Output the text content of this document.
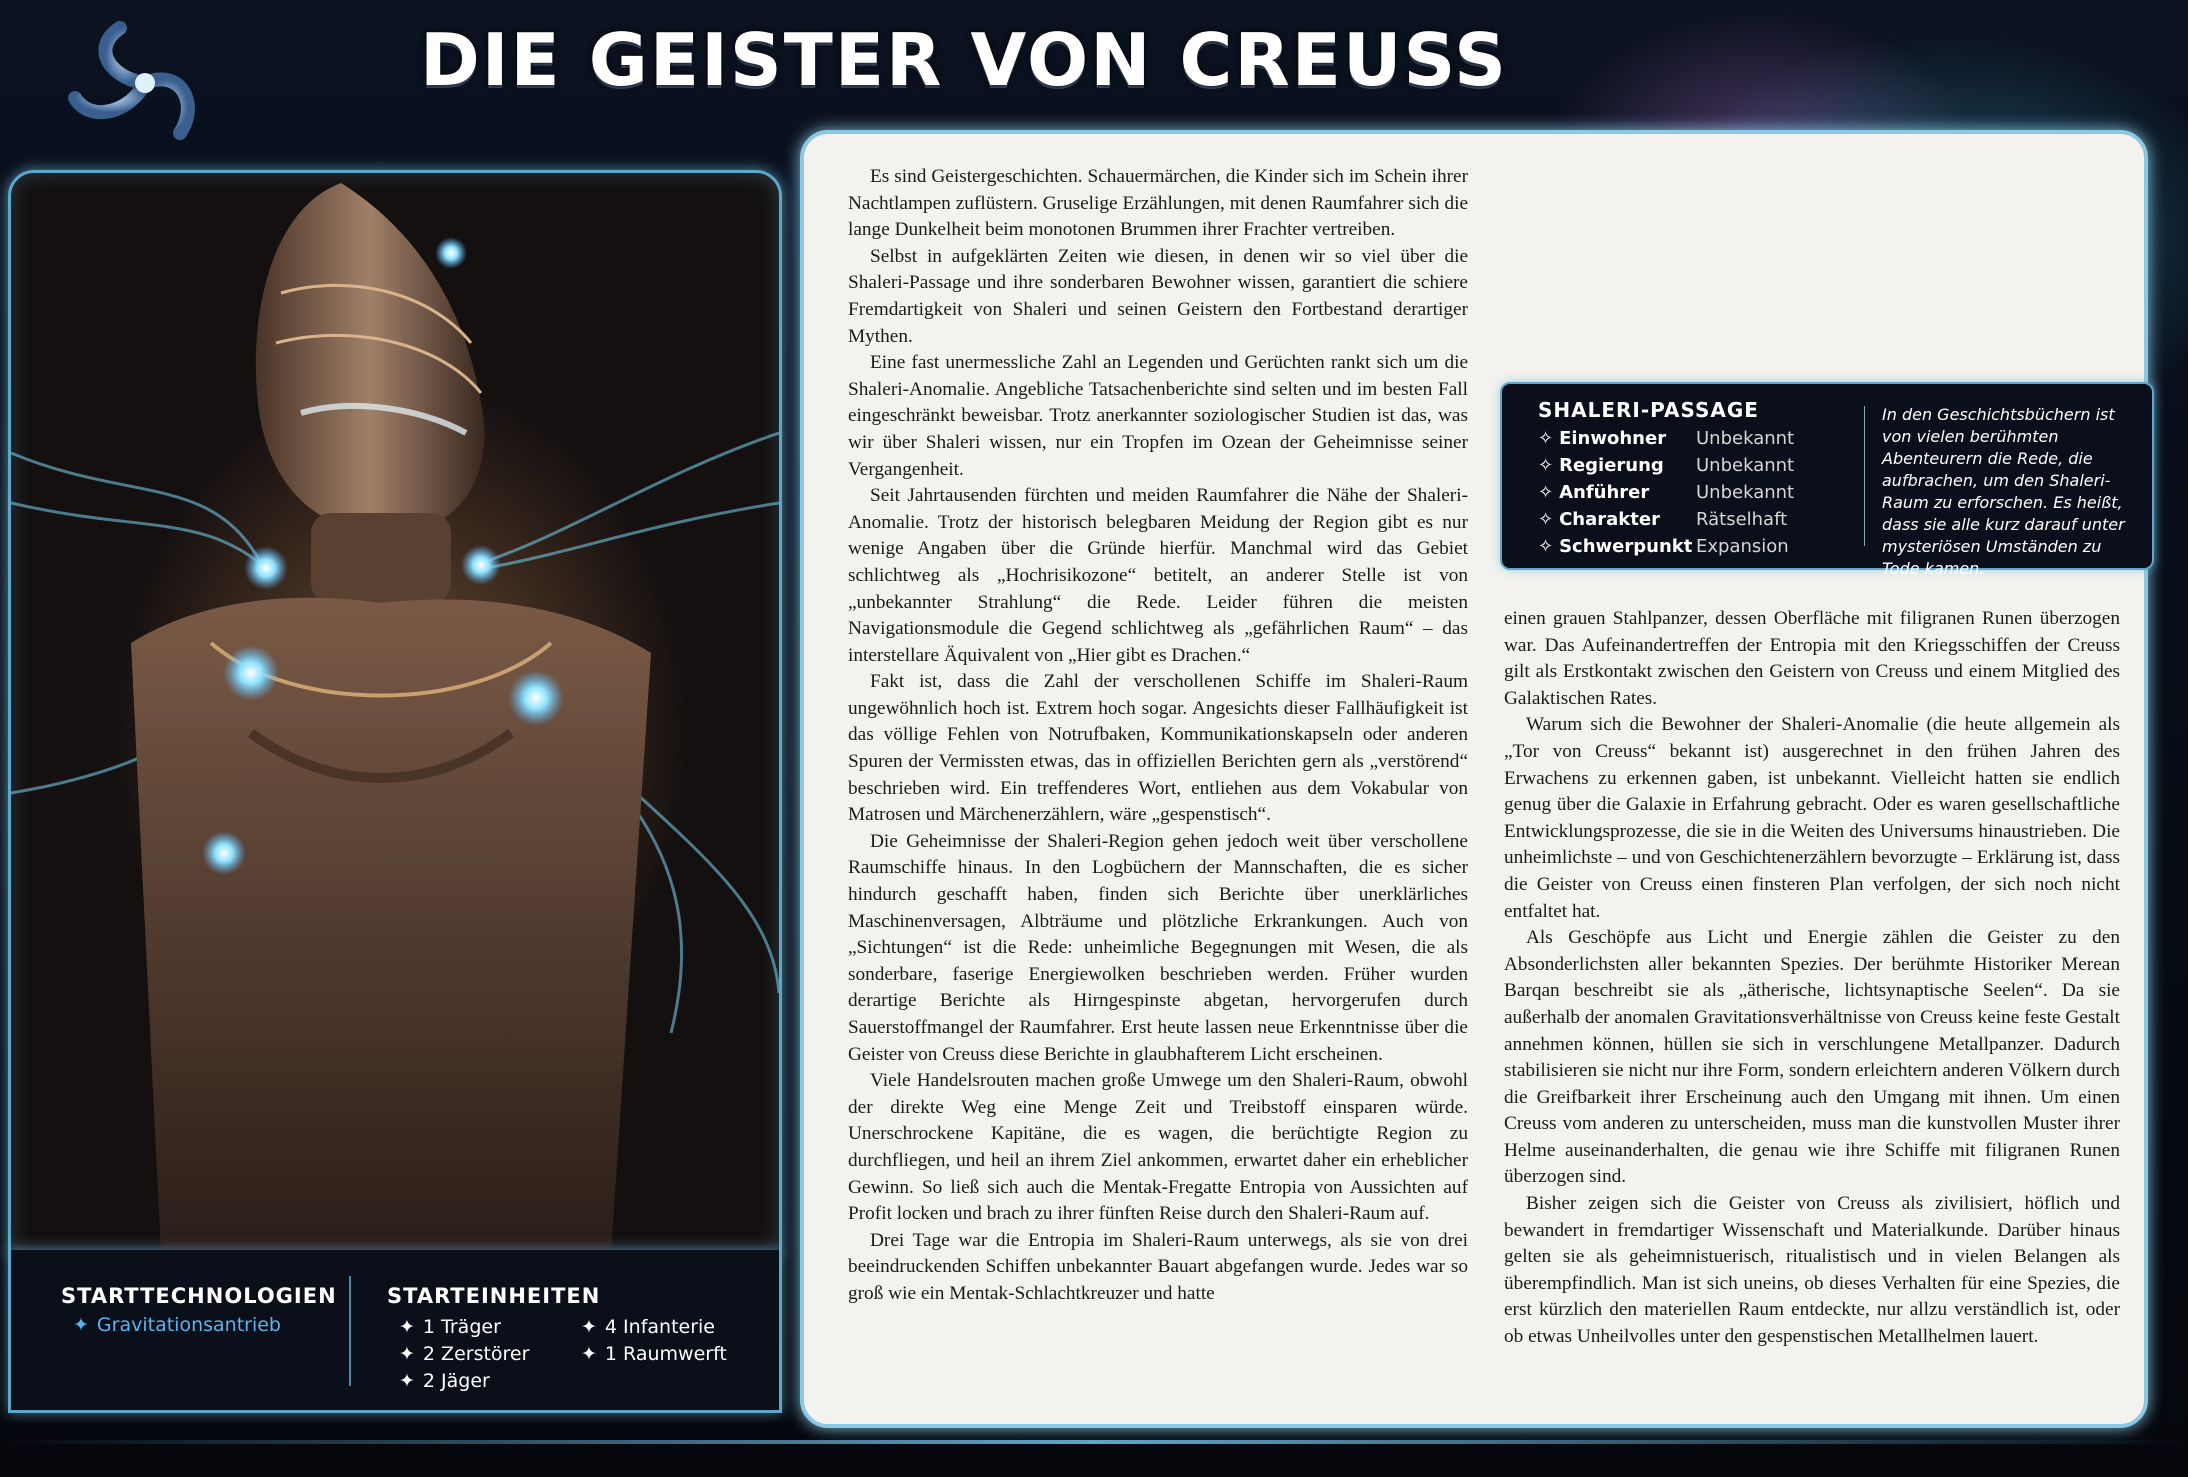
DIE GEISTER VON CREUSS
STARTTECHNOLOGIEN
✦ Gravitationsantrieb
STARTEINHEITEN
✦ 1 Träger
✦ 2 Zerstörer
✦ 2 Jäger
✦ 4 Infanterie
✦ 1 Raumwerft

Es sind Geistergeschichten. Schauermärchen, die Kinder sich im Schein ihrer Nachtlampen zuflüstern. Gruselige Erzählungen, mit denen Raumfahrer sich die lange Dunkelheit beim monotonen Brummen ihrer Frachter vertreiben.

Selbst in aufgeklärten Zeiten wie diesen, in denen wir so viel über die Shaleri-Passage und ihre sonderbaren Bewohner wissen, garantiert die schiere Fremdartigkeit von Shaleri und seinen Geistern den Fortbestand derartiger Mythen.

Eine fast unermessliche Zahl an Legenden und Gerüchten rankt sich um die Shaleri-Anomalie. Angebliche Tatsachenberichte sind selten und im besten Fall eingeschränkt beweisbar. Trotz anerkannter soziologischer Studien ist das, was wir über Shaleri wissen, nur ein Tropfen im Ozean der Geheimnisse seiner Vergangenheit.

Seit Jahrtausenden fürchten und meiden Raumfahrer die Nähe der Shaleri-Anomalie. Trotz der historisch belegbaren Meidung der Region gibt es nur wenige Angaben über die Gründe hierfür. Manchmal wird das Gebiet schlichtweg als „Hochrisikozone“ betitelt, an anderer Stelle ist von „unbekannter Strahlung“ die Rede. Leider führen die meisten Navigationsmodule die Gegend schlichtweg als „gefährlichen Raum“ – das interstellare Äquivalent von „Hier gibt es Drachen.“

Fakt ist, dass die Zahl der verschollenen Schiffe im Shaleri-Raum ungewöhnlich hoch ist. Extrem hoch sogar. Angesichts dieser Fallhäufigkeit ist das völlige Fehlen von Notrufbaken, Kommunikationskapseln oder anderen Spuren der Vermissten etwas, das in offiziellen Berichten gern als „verstörend“ beschrieben wird. Ein treffenderes Wort, entliehen aus dem Vokabular von Matrosen und Märchenerzählern, wäre „gespenstisch“.

Die Geheimnisse der Shaleri-Region gehen jedoch weit über verschollene Raumschiffe hinaus. In den Logbüchern der Mannschaften, die es sicher hindurch geschafft haben, finden sich Berichte über unerklärliches Maschinenversagen, Albträume und plötzliche Erkrankungen. Auch von „Sichtungen“ ist die Rede: unheimliche Begegnungen mit Wesen, die als sonderbare, faserige Energiewolken beschrieben werden. Früher wurden derartige Berichte als Hirngespinste abgetan, hervorgerufen durch Sauerstoffmangel der Raumfahrer. Erst heute lassen neue Erkenntnisse über die Geister von Creuss diese Berichte in glaubhafterem Licht erscheinen.

Viele Handelsrouten machen große Umwege um den Shaleri-Raum, obwohl der direkte Weg eine Menge Zeit und Treibstoff einsparen würde. Unerschrockene Kapitäne, die es wagen, die berüchtigte Region zu durchfliegen, und heil an ihrem Ziel ankommen, erwartet daher ein erheblicher Gewinn. So ließ sich auch die Mentak-Fregatte Entropia von Aussichten auf Profit locken und brach zu ihrer fünften Reise durch den Shaleri-Raum auf.

Drei Tage war die Entropia im Shaleri-Raum unterwegs, als sie von drei beeindruckenden Schiffen unbekannter Bauart abgefangen wurde. Jedes war so groß wie ein Mentak-Schlachtkreuzer und hatte

einen grauen Stahlpanzer, dessen Oberfläche mit filigranen Runen überzogen war. Das Aufeinandertreffen der Entropia mit den Kriegsschiffen der Creuss gilt als Erstkontakt zwischen den Geistern von Creuss und einem Mitglied des Galaktischen Rates.

Warum sich die Bewohner der Shaleri-Anomalie (die heute allgemein als „Tor von Creuss“ bekannt ist) ausgerechnet in den frühen Jahren des Erwachens zu erkennen gaben, ist unbekannt. Vielleicht hatten sie endlich genug über die Galaxie in Erfahrung gebracht. Oder es waren gesellschaftliche Entwicklungsprozesse, die sie in die Weiten des Universums hinaustrieben. Die unheimlichste – und von Geschichtenerzählern bevorzugte – Erklärung ist, dass die Geister von Creuss einen finsteren Plan verfolgen, der sich noch nicht entfaltet hat.

Als Geschöpfe aus Licht und Energie zählen die Geister zu den Absonderlichsten aller bekannten Spezies. Der berühmte Historiker Merean Barqan beschreibt sie als „ätherische, lichtsynaptische Seelen“. Da sie außerhalb der anomalen Gravitationsverhältnisse von Creuss keine feste Gestalt annehmen können, hüllen sie sich in verschlungene Metallpanzer. Dadurch stabilisieren sie nicht nur ihre Form, sondern erleichtern anderen Völkern durch die Greifbarkeit ihrer Erscheinung auch den Umgang mit ihnen. Um einen Creuss vom anderen zu unterscheiden, muss man die kunstvollen Muster ihrer Helme auseinanderhalten, die genau wie ihre Schiffe mit filigranen Runen überzogen sind.

Bisher zeigen sich die Geister von Creuss als zivilisiert, höflich und bewandert in fremdartiger Wissenschaft und Materialkunde. Darüber hinaus gelten sie als geheimnistuerisch, ritualistisch und in vielen Belangen als überempfindlich. Man ist sich uneins, ob dieses Verhalten für eine Spezies, die erst kürzlich den materiellen Raum entdeckte, nur allzu verständlich ist, oder ob etwas Unheilvolles unter den gespenstischen Metallhelmen lauert.

SHALERI-PASSAGE
✧ Einwohner Unbekannt
✧ Regierung Unbekannt
✧ Anführer	Unbekannt
✧ Charakter Rätselhaft
✧ Schwerpunkt Expansion
In den Geschichtsbüchern ist von vielen berühmten Abenteurern die Rede, die aufbrachen, um den Shaleri-Raum zu erforschen. Es heißt, dass sie alle kurz darauf unter mysteriösen Umständen zu Tode kamen.
